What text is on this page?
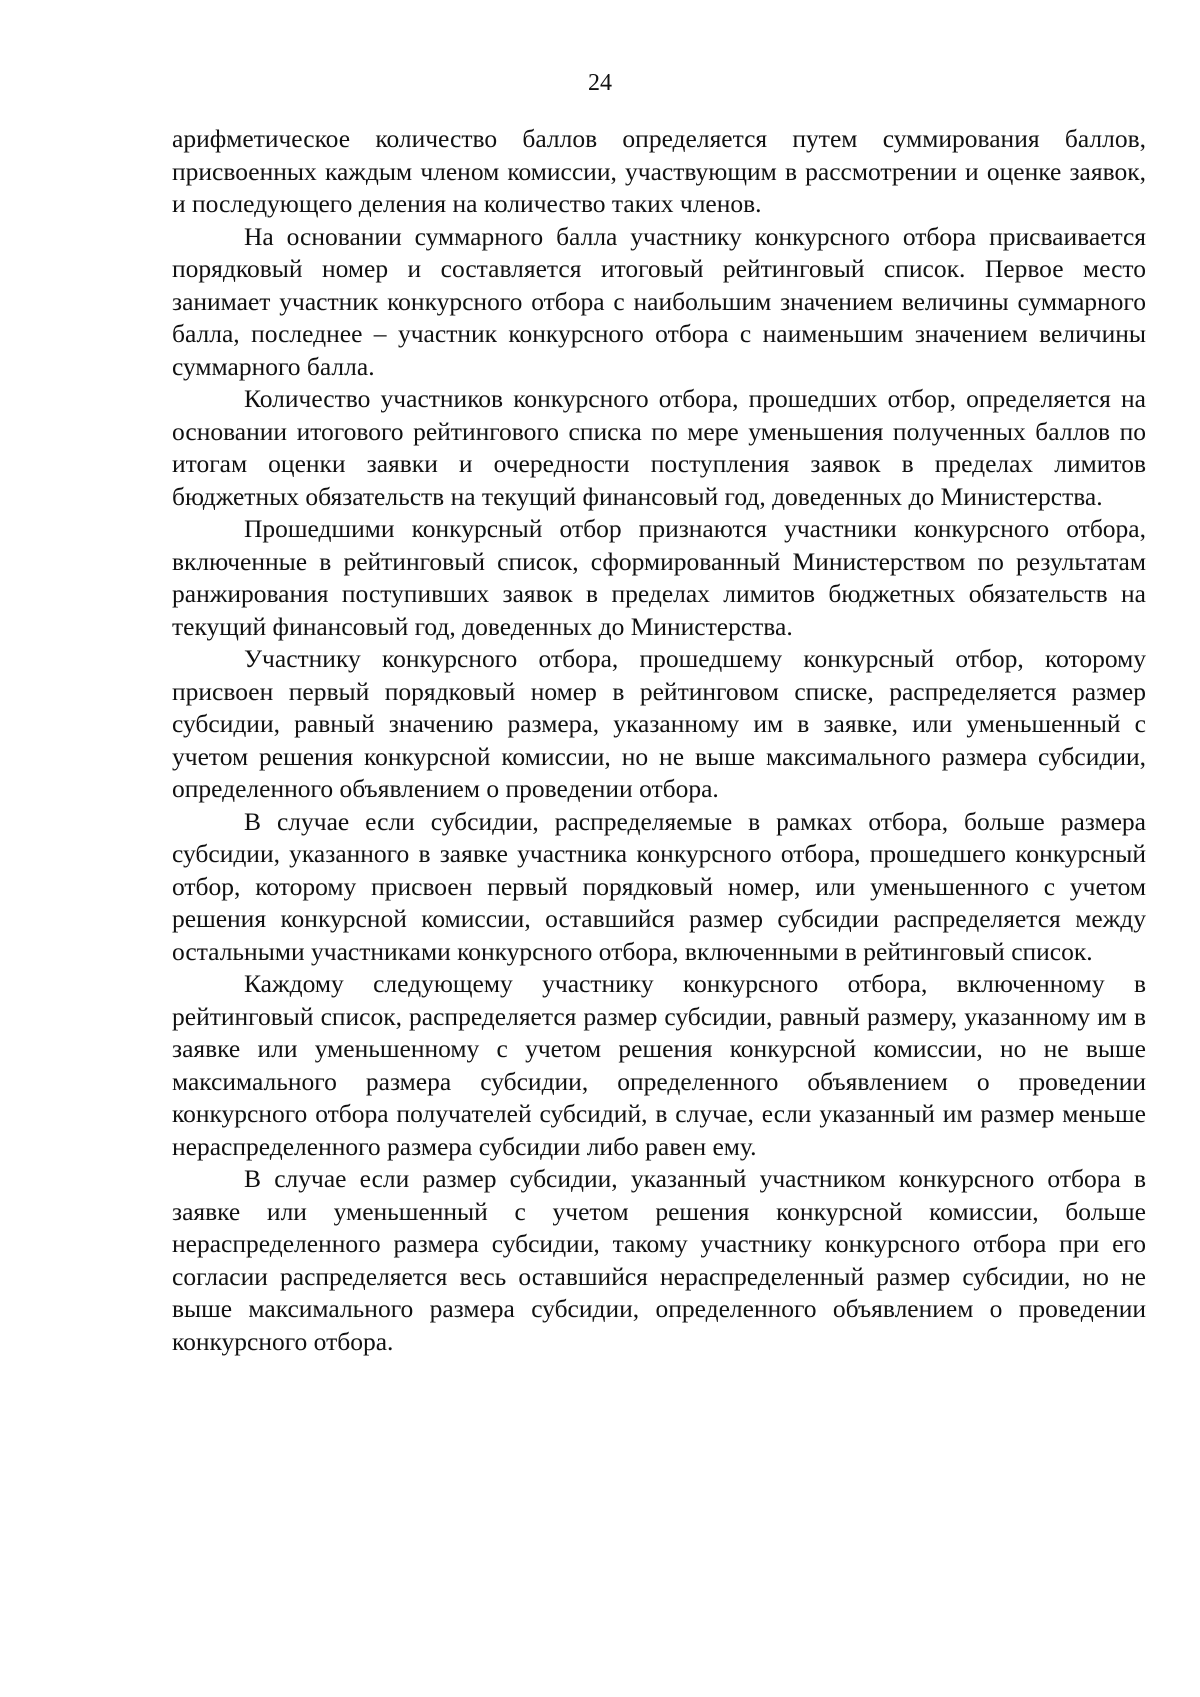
24

арифметическое количество баллов определяется путем суммирования баллов, присвоенных каждым членом комиссии, участвующим в рассмотрении и оценке заявок, и последующего деления на количество таких членов.

На основании суммарного балла участнику конкурсного отбора присваивается порядковый номер и составляется итоговый рейтинговый список. Первое место занимает участник конкурсного отбора с наибольшим значением величины суммарного балла, последнее – участник конкурсного отбора с наименьшим значением величины суммарного балла.

Количество участников конкурсного отбора, прошедших отбор, определяется на основании итогового рейтингового списка по мере уменьшения полученных баллов по итогам оценки заявки и очередности поступления заявок в пределах лимитов бюджетных обязательств на текущий финансовый год, доведенных до Министерства.

Прошедшими конкурсный отбор признаются участники конкурсного отбора, включенные в рейтинговый список, сформированный Министерством по результатам ранжирования поступивших заявок в пределах лимитов бюджетных обязательств на текущий финансовый год, доведенных до Министерства.

Участнику конкурсного отбора, прошедшему конкурсный отбор, которому присвоен первый порядковый номер в рейтинговом списке, распределяется размер субсидии, равный значению размера, указанному им в заявке, или уменьшенный с учетом решения конкурсной комиссии, но не выше максимального размера субсидии, определенного объявлением о проведении отбора.

В случае если субсидии, распределяемые в рамках отбора, больше размера субсидии, указанного в заявке участника конкурсного отбора, прошедшего конкурсный отбор, которому присвоен первый порядковый номер, или уменьшенного с учетом решения конкурсной комиссии, оставшийся размер субсидии распределяется между остальными участниками конкурсного отбора, включенными в рейтинговый список.

Каждому следующему участнику конкурсного отбора, включенному в рейтинговый список, распределяется размер субсидии, равный размеру, указанному им в заявке или уменьшенному с учетом решения конкурсной комиссии, но не выше максимального размера субсидии, определенного объявлением о проведении конкурсного отбора получателей субсидий, в случае, если указанный им размер меньше нераспределенного размера субсидии либо равен ему.

В случае если размер субсидии, указанный участником конкурсного отбора в заявке или уменьшенный с учетом решения конкурсной комиссии, больше нераспределенного размера субсидии, такому участнику конкурсного отбора при его согласии распределяется весь оставшийся нераспределенный размер субсидии, но не выше максимального размера субсидии, определенного объявлением о проведении конкурсного отбора.
